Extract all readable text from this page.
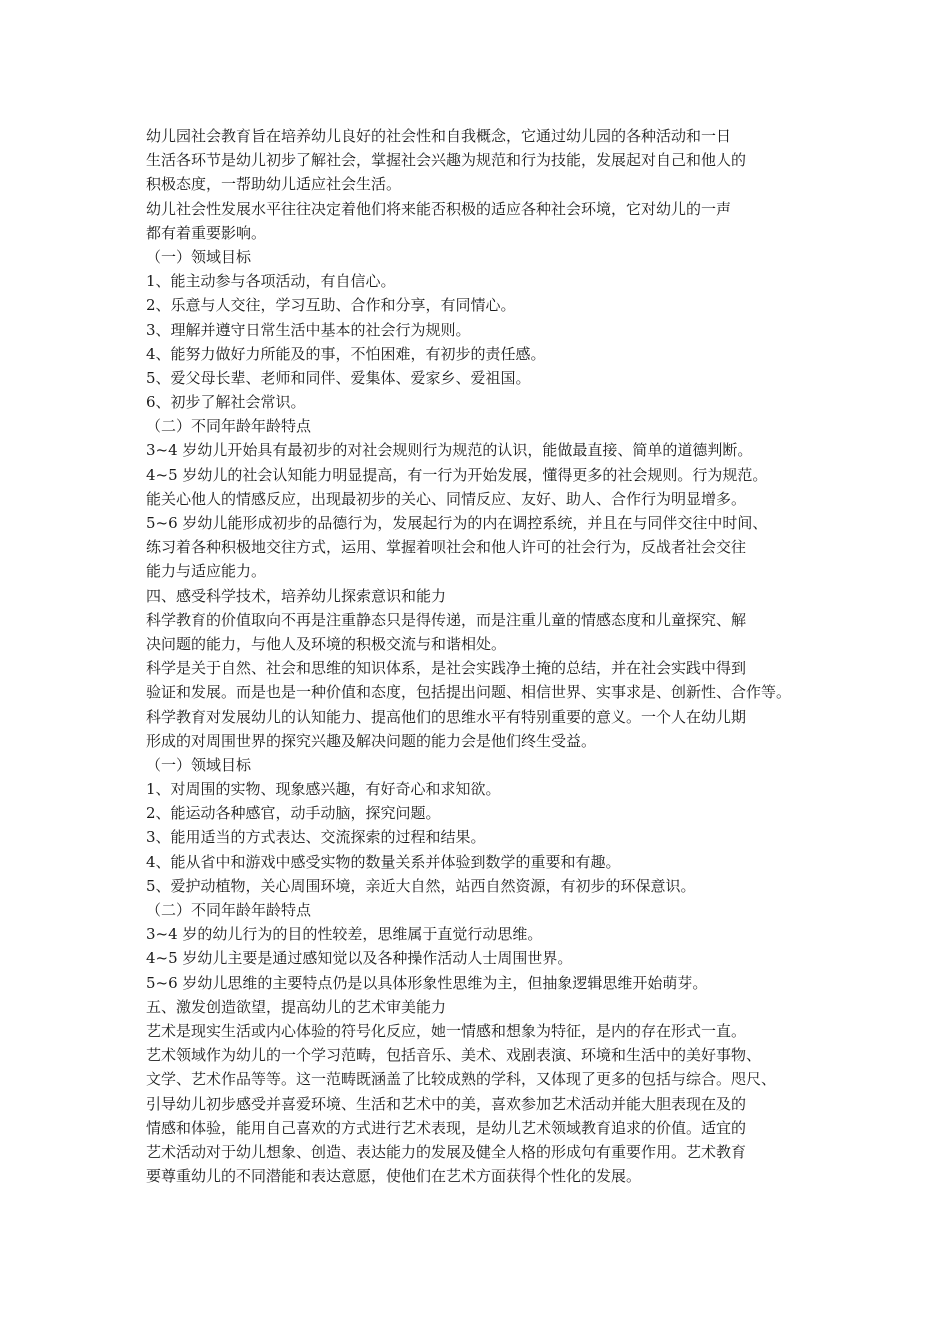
幼儿园社会教育旨在培养幼儿良好的社会性和自我概念，它通过幼儿园的各种活动和一日
生活各环节是幼儿初步了解社会，掌握社会兴趣为规范和行为技能，发展起对自己和他人的
积极态度，一帮助幼儿适应社会生活。
幼儿社会性发展水平往往决定着他们将来能否积极的适应各种社会环境，它对幼儿的一声
都有着重要影响。
（一）领域目标
1、能主动参与各项活动，有自信心。
2、乐意与人交往，学习互助、合作和分享，有同情心。
3、理解并遵守日常生活中基本的社会行为规则。
4、能努力做好力所能及的事，不怕困难，有初步的责任感。
5、爱父母长辈、老师和同伴、爱集体、爱家乡、爱祖国。
6、初步了解社会常识。
（二）不同年龄年龄特点
3~4 岁幼儿开始具有最初步的对社会规则行为规范的认识，能做最直接、简单的道德判断。
4~5 岁幼儿的社会认知能力明显提高，有一行为开始发展，懂得更多的社会规则。行为规范。
能关心他人的情感反应，出现最初步的关心、同情反应、友好、助人、合作行为明显增多。
5~6 岁幼儿能形成初步的品德行为，发展起行为的内在调控系统，并且在与同伴交往中时间、
练习着各种积极地交往方式，运用、掌握着呗社会和他人许可的社会行为，反战者社会交往
能力与适应能力。
四、感受科学技术，培养幼儿探索意识和能力
科学教育的价值取向不再是注重静态只是得传递，而是注重儿童的情感态度和儿童探究、解
决问题的能力，与他人及环境的积极交流与和谐相处。
科学是关于自然、社会和思维的知识体系，是社会实践净土掩的总结，并在社会实践中得到
验证和发展。而是也是一种价值和态度，包括提出问题、相信世界、实事求是、创新性、合作等。
科学教育对发展幼儿的认知能力、提高他们的思维水平有特别重要的意义。一个人在幼儿期
形成的对周围世界的探究兴趣及解决问题的能力会是他们终生受益。
（一）领域目标
1、对周围的实物、现象感兴趣，有好奇心和求知欲。
2、能运动各种感官，动手动脑，探究问题。
3、能用适当的方式表达、交流探索的过程和结果。
4、能从省中和游戏中感受实物的数量关系并体验到数学的重要和有趣。
5、爱护动植物，关心周围环境，亲近大自然，站西自然资源，有初步的环保意识。
（二）不同年龄年龄特点
3~4 岁的幼儿行为的目的性较差，思维属于直觉行动思维。
4~5 岁幼儿主要是通过感知觉以及各种操作活动人士周围世界。
5~6 岁幼儿思维的主要特点仍是以具体形象性思维为主，但抽象逻辑思维开始萌芽。
五、激发创造欲望，提高幼儿的艺术审美能力
艺术是现实生活或内心体验的符号化反应，她一情感和想象为特征，是内的存在形式一直。
艺术领域作为幼儿的一个学习范畴，包括音乐、美术、戏剧表演、环境和生活中的美好事物、
文学、艺术作品等等。这一范畴既涵盖了比较成熟的学科，又体现了更多的包括与综合。咫尺、
引导幼儿初步感受并喜爱环境、生活和艺术中的美，喜欢参加艺术活动并能大胆表现在及的
情感和体验，能用自己喜欢的方式进行艺术表现，是幼儿艺术领域教育追求的价值。适宜的
艺术活动对于幼儿想象、创造、表达能力的发展及健全人格的形成句有重要作用。艺术教育
要尊重幼儿的不同潜能和表达意愿，使他们在艺术方面获得个性化的发展。
